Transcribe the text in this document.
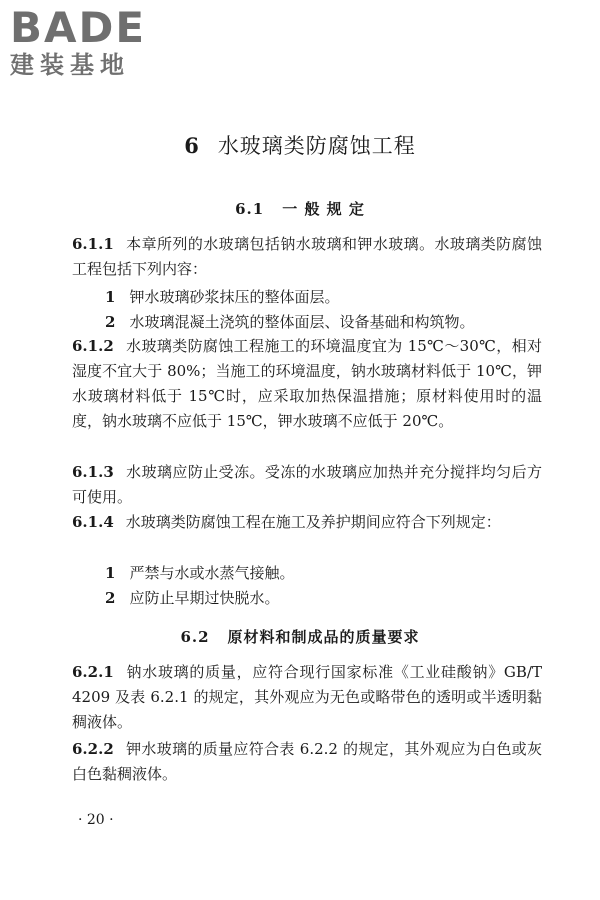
BADE
建装基地
6 水玻璃类防腐蚀工程
6.1 一 般 规 定

6.1.1 本章所列的水玻璃包括钠水玻璃和钾水玻璃。水玻璃类防腐蚀工程包括下列内容：

1 钾水玻璃砂浆抹压的整体面层。

2 水玻璃混凝土浇筑的整体面层、设备基础和构筑物。

6.1.2 水玻璃类防腐蚀工程施工的环境温度宜为 15℃～30℃，相对湿度不宜大于 80%；当施工的环境温度，钠水玻璃材料低于 10℃，钾水玻璃材料低于 15℃时，应采取加热保温措施；原材料使用时的温度，钠水玻璃不应低于 15℃，钾水玻璃不应低于 20℃。

6.1.3 水玻璃应防止受冻。受冻的水玻璃应加热并充分搅拌均匀后方可使用。

6.1.4 水玻璃类防腐蚀工程在施工及养护期间应符合下列规定：

1 严禁与水或水蒸气接触。

2 应防止早期过快脱水。

6.2 原材料和制成品的质量要求

6.2.1 钠水玻璃的质量，应符合现行国家标准《工业硅酸钠》GB/T 4209 及表 6.2.1 的规定，其外观应为无色或略带色的透明或半透明黏稠液体。

6.2.2 钾水玻璃的质量应符合表 6.2.2 的规定，其外观应为白色或灰白色黏稠液体。

· 20 ·
